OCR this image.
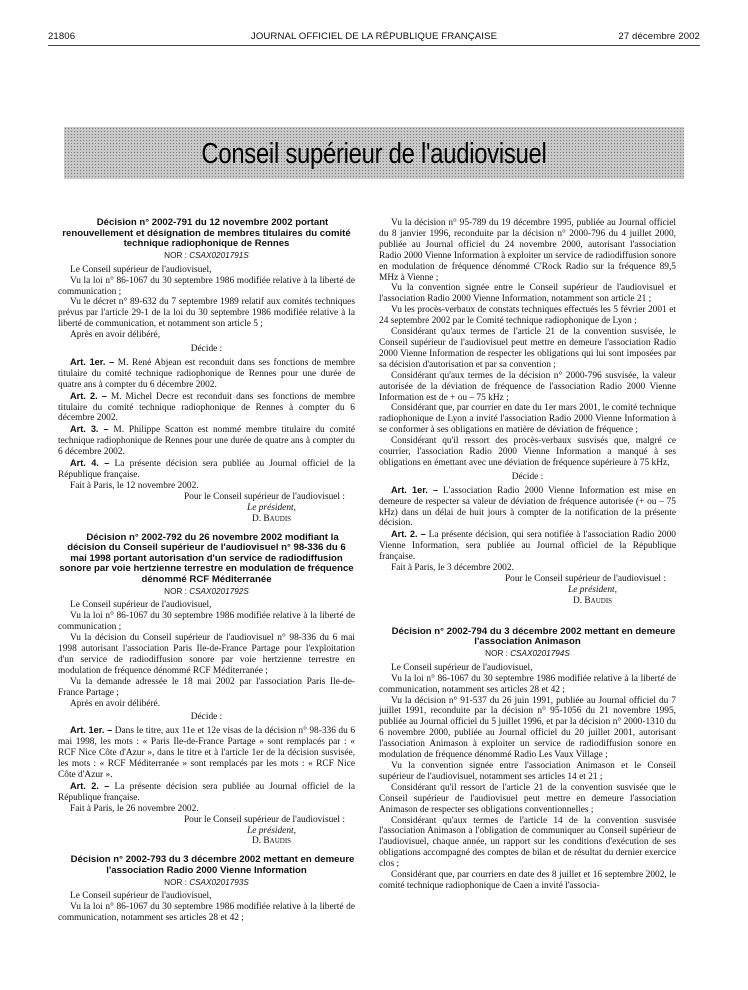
21806	JOURNAL OFFICIEL DE LA RÉPUBLIQUE FRANÇAISE	27 décembre 2002
Conseil supérieur de l'audiovisuel

Décision n° 2002-791 du 12 novembre 2002 portant renouvellement et désignation de membres titulaires du comité technique radiophonique de Rennes

NOR : CSAX0201791S

Le Conseil supérieur de l'audiovisuel,

Vu la loi n° 86-1067 du 30 septembre 1986 modifiée relative à la liberté de communication ;

Vu le décret n° 89-632 du 7 septembre 1989 relatif aux comités techniques prévus par l'article 29-1 de la loi du 30 septembre 1986 modifiée relative à la liberté de communication, et notamment son article 5 ;

Après en avoir délibéré,

Décide :

Art. 1er. – M. René Abjean est reconduit dans ses fonctions de membre titulaire du comité technique radiophonique de Rennes pour une durée de quatre ans à compter du 6 décembre 2002.

Art. 2. – M. Michel Decre est reconduit dans ses fonctions de membre titulaire du comité technique radiophonique de Rennes à compter du 6 décembre 2002.

Art. 3. – M. Philippe Scatton est nommé membre titulaire du comité technique radiophonique de Rennes pour une durée de quatre ans à compter du 6 décembre 2002.

Art. 4. – La présente décision sera publiée au Journal officiel de la République française.

Fait à Paris, le 12 novembre 2002.

Pour le Conseil supérieur de l'audiovisuel :
Le président,
D. Baudis

Décision n° 2002-792 du 26 novembre 2002 modifiant la décision du Conseil supérieur de l'audiovisuel n° 98-336 du 6 mai 1998 portant autorisation d'un service de radiodiffusion sonore par voie hertzienne terrestre en modulation de fréquence dénommé RCF Méditerranée

NOR : CSAX0201792S

Le Conseil supérieur de l'audiovisuel,

Vu la loi n° 86-1067 du 30 septembre 1986 modifiée relative à la liberté de communication ;

Vu la décision du Conseil supérieur de l'audiovisuel n° 98-336 du 6 mai 1998 autorisant l'association Paris Ile-de-France Partage pour l'exploitation d'un service de radiodiffusion sonore par voie hertzienne terrestre en modulation de fréquence dénommé RCF Méditerranée ;

Vu la demande adressée le 18 mai 2002 par l'association Paris Ile-de-France Partage ;

Après en avoir délibéré.

Décide :

Art. 1er. – Dans le titre, aux 11e et 12e visas de la décision n° 98-336 du 6 mai 1998, les mots : « Paris Ile-de-France Partage » sont remplacés par : « RCF Nice Côte d'Azur », dans le titre et à l'article 1er de la décision susvisée, les mots : « RCF Méditerranée » sont remplacés par les mots : « RCF Nice Côte d'Azur ».

Art. 2. – La présente décision sera publiée au Journal officiel de la République française.

Fait à Paris, le 26 novembre 2002.

Pour le Conseil supérieur de l'audiovisuel :
Le président,
D. Baudis

Décision n° 2002-793 du 3 décembre 2002 mettant en demeure l'association Radio 2000 Vienne Information

NOR : CSAX0201793S

Le Conseil supérieur de l'audiovisuel,

Vu la loi n° 86-1067 du 30 septembre 1986 modifiée relative à la liberté de communication, notamment ses articles 28 et 42 ;

Vu la décision n° 95-789 du 19 décembre 1995, publiée au Journal officiel du 8 janvier 1996, reconduite par la décision n° 2000-796 du 4 juillet 2000, publiée au Journal officiel du 24 novembre 2000, autorisant l'association Radio 2000 Vienne Information à exploiter un service de radiodiffusion sonore en modulation de fréquence dénommé C'Rock Radio sur la fréquence 89,5 MHz à Vienne ;

Vu la convention signée entre le Conseil supérieur de l'audiovisuel et l'association Radio 2000 Vienne Information, notamment son article 21 ;

Vu les procès-verbaux de constats techniques effectués les 5 février 2001 et 24 septembre 2002 par le Comité technique radiophonique de Lyon ;

Considérant qu'aux termes de l'article 21 de la convention susvisée, le Conseil supérieur de l'audiovisuel peut mettre en demeure l'association Radio 2000 Vienne Information de respecter les obligations qui lui sont imposées par sa décision d'autorisation et par sa convention ;

Considérant qu'aux termes de la décision n° 2000-796 susvisée, la valeur autorisée de la déviation de fréquence de l'association Radio 2000 Vienne Information est de + ou – 75 kHz ;

Considérant que, par courrier en date du 1er mars 2001, le comité technique radiophonique de Lyon a invité l'association Radio 2000 Vienne Information à se conformer à ses obligations en matière de déviation de fréquence ;

Considérant qu'il ressort des procès-verbaux susvisés que, malgré ce courrier, l'association Radio 2000 Vienne Information a manqué à ses obligations en émettant avec une déviation de fréquence supérieure à 75 kHz,

Décide :

Art. 1er. – L'association Radio 2000 Vienne Information est mise en demeure de respecter sa valeur de déviation de fréquence autorisée (+ ou – 75 kHz) dans un délai de huit jours à compter de la notification de la présente décision.

Art. 2. – La présente décision, qui sera notifiée à l'association Radio 2000 Vienne Information, sera publiée au Journal officiel de la République française.

Fait à Paris, le 3 décembre 2002.

Pour le Conseil supérieur de l'audiovisuel :
Le président,
D. Baudis

Décision n° 2002-794 du 3 décembre 2002 mettant en demeure l'association Animason

NOR : CSAX0201794S

Le Conseil supérieur de l'audiovisuel,

Vu la loi n° 86-1067 du 30 septembre 1986 modifiée relative à la liberté de communication, notamment ses articles 28 et 42 ;

Vu la décision n° 91-537 du 26 juin 1991, publiée au Journal officiel du 7 juillet 1991, reconduite par la décision n° 95-1056 du 21 novembre 1995, publiée au Journal officiel du 5 juillet 1996, et par la décision n° 2000-1310 du 6 novembre 2000, publiée au Journal officiel du 20 juillet 2001, autorisant l'association Animason à exploiter un service de radiodiffusion sonore en modulation de fréquence dénommé Radio Les Vaux Village ;

Vu la convention signée entre l'association Animason et le Conseil supérieur de l'audiovisuel, notamment ses articles 14 et 21 ;

Considérant qu'il ressort de l'article 21 de la convention susvisée que le Conseil supérieur de l'audiovisuel peut mettre en demeure l'association Animason de respecter ses obligations conventionnelles ;

Considérant qu'aux termes de l'article 14 de la convention susvisée l'association Animason a l'obligation de communiquer au Conseil supérieur de l'audiovisuel, chaque année, un rapport sur les conditions d'exécution de ses obligations accompagné des comptes de bilan et de résultat du dernier exercice clos ;

Considérant que, par courriers en date des 8 juillet et 16 septembre 2002, le comité technique radiophonique de Caen a invité l'associa-
